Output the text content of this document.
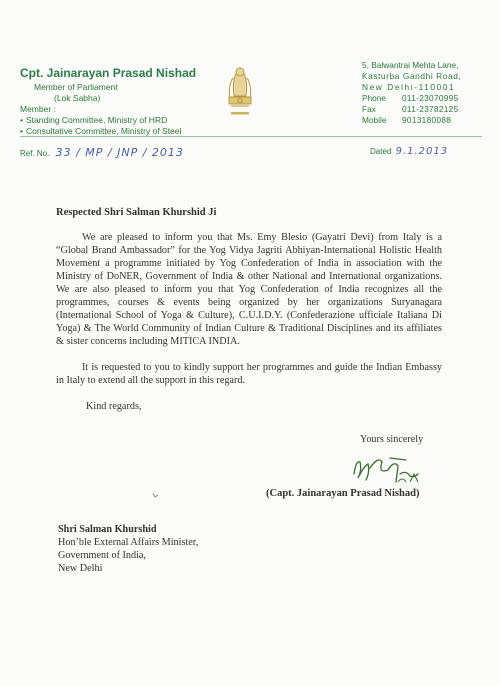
Cpt. Jainarayan Prasad Nishad
Member of Parliament
(Lok Sabha)
Member :
• Standing Committee, Ministry of HRD
• Consultative Committee, Ministry of Steel
5, Balwantrai Mehta Lane,
Kasturba Gandhi Road,
New Delhi-110001
Phone	011-23070995
Fax	011-23782125
Mobile	9013180088
Ref. No. 33 / MP / JNP / 2013	Dated 9.1.2013
Respected Shri Salman Khurshid Ji

We are pleased to inform you that Ms. Emy Blesio (Gayatri Devi) from Italy is a “Global Brand Ambassador” for the Yog Vidya Jagriti Abhiyan-International Holistic Health Movement a programme initiated by Yog Confederation of India in association with the Ministry of DoNER, Government of India & other National and International organizations. We are also pleased to inform you that Yog Confederation of India recognizes all the programmes, courses & events being organized by her organizations Suryanagara (International School of Yoga & Culture), C.U.I.D.Y. (Confederazione ufficiale Italiana Di Yoga) & The World Community of Indian Culture & Traditional Disciplines and its affiliates & sister concerns including MITICA INDIA.

It is requested to you to kindly support her programmes and guide the Indian Embassy in Italy to extend all the support in this regard.

Kind regards,
Yours sincerely
(Capt. Jainarayan Prasad Nishad)
Shri Salman Khurshid
Hon’ble External Affairs Minister,
Government of India,
New Delhi
